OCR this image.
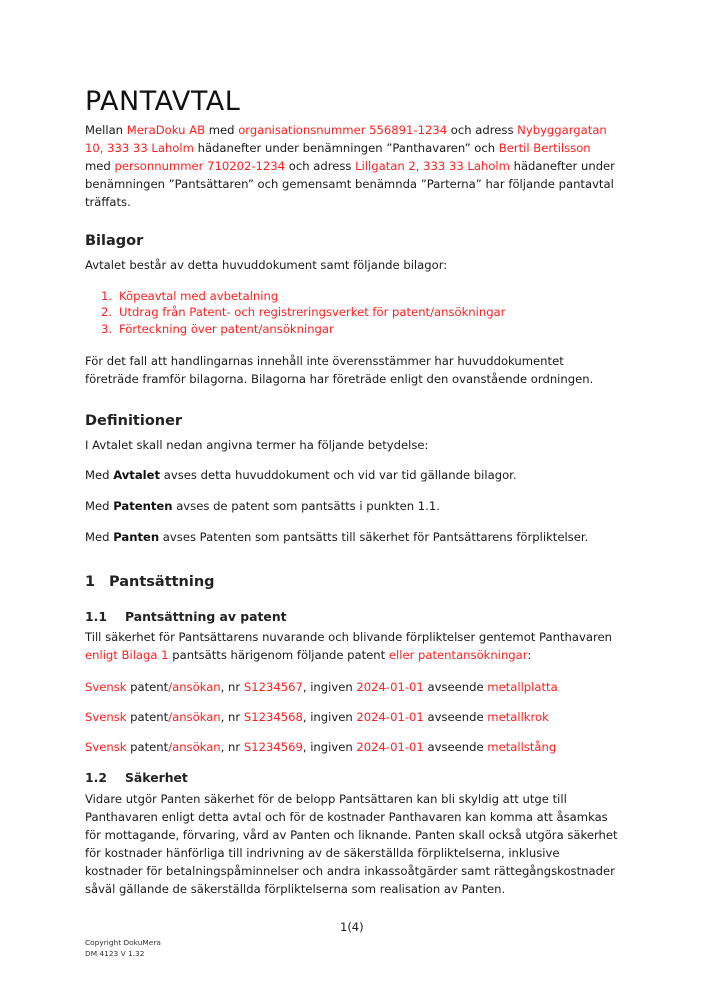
PANTAVTAL

Mellan MeraDoku AB med organisationsnummer 556891-1234 och adress Nybyggargatan 10, 333 33 Laholm hädanefter under benämningen ”Panthavaren” och Bertil Bertilsson med personnummer 710202-1234 och adress Lillgatan 2, 333 33 Laholm hädanefter under benämningen ”Pantsättaren” och gemensamt benämnda ”Parterna” har följande pantavtal träffats.

Bilagor

Avtalet består av detta huvuddokument samt följande bilagor:

1. Köpeavtal med avbetalning
2. Utdrag från Patent- och registreringsverket för patent/ansökningar
3. Förteckning över patent/ansökningar

För det fall att handlingarnas innehåll inte överensstämmer har huvuddokumentet företräde framför bilagorna. Bilagorna har företräde enligt den ovanstående ordningen.

Definitioner

I Avtalet skall nedan angivna termer ha följande betydelse:

Med Avtalet avses detta huvuddokument och vid var tid gällande bilagor.

Med Patenten avses de patent som pantsätts i punkten 1.1.

Med Panten avses Patenten som pantsätts till säkerhet för Pantsättarens förpliktelser.

1 Pantsättning
1.1 Pantsättning av patent

Till säkerhet för Pantsättarens nuvarande och blivande förpliktelser gentemot Panthavaren enligt Bilaga 1 pantsätts härigenom följande patent eller patentansökningar:

Svensk patent/ansökan, nr S1234567, ingiven 2024-01-01 avseende metallplatta

Svensk patent/ansökan, nr S1234568, ingiven 2024-01-01 avseende metallkrok

Svensk patent/ansökan, nr S1234569, ingiven 2024-01-01 avseende metallstång

1.2 Säkerhet

Vidare utgör Panten säkerhet för de belopp Pantsättaren kan bli skyldig att utge till Panthavaren enligt detta avtal och för de kostnader Panthavaren kan komma att åsamkas för mottagande, förvaring, vård av Panten och liknande. Panten skall också utgöra säkerhet för kostnader hänförliga till indrivning av de säkerställda förpliktelserna, inklusive kostnader för betalningspåminnelser och andra inkassoåtgärder samt rättegångskostnader såväl gällande de säkerställda förpliktelserna som realisation av Panten.

1(4)
Copyright DokuMera
DM 4123 V 1.32
